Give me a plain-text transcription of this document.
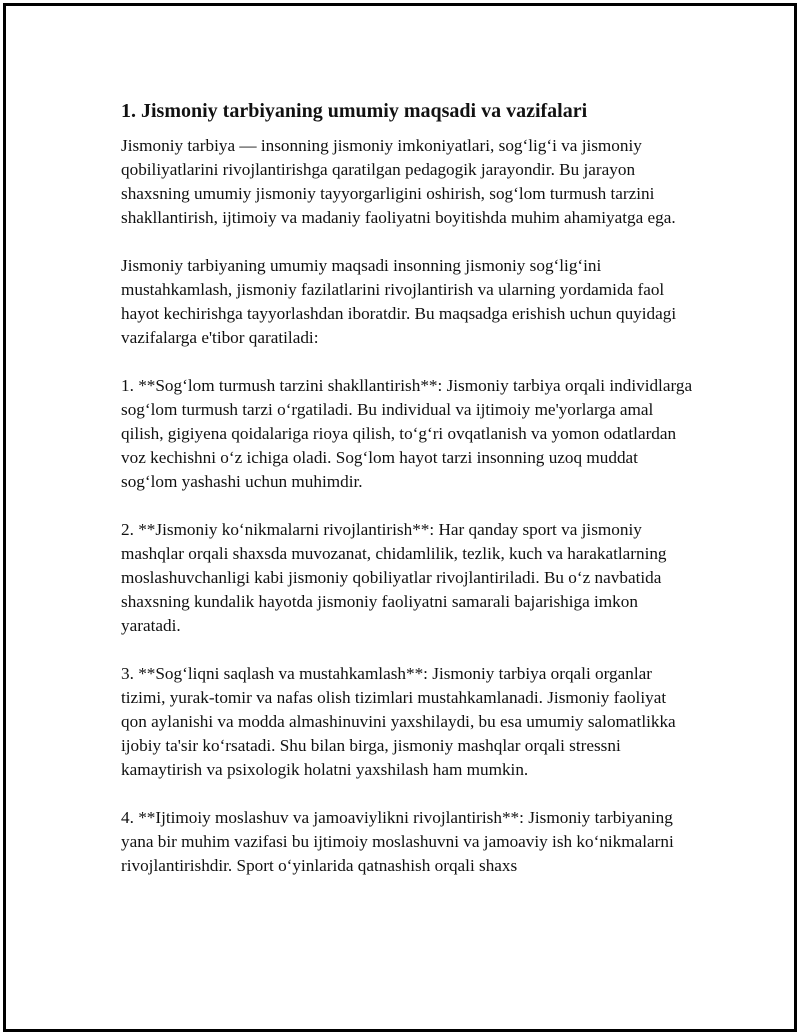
1. Jismoniy tarbiyaning umumiy maqsadi va vazifalari

Jismoniy tarbiya — insonning jismoniy imkoniyatlari, sog‘lig‘i va jismoniy qobiliyatlarini rivojlantirishga qaratilgan pedagogik jarayondir. Bu jarayon shaxsning umumiy jismoniy tayyorgarligini oshirish, sog‘lom turmush tarzini shakllantirish, ijtimoiy va madaniy faoliyatni boyitishda muhim ahamiyatga ega.

Jismoniy tarbiyaning umumiy maqsadi insonning jismoniy sog‘lig‘ini mustahkamlash, jismoniy fazilatlarini rivojlantirish va ularning yordamida faol hayot kechirishga tayyorlashdan iboratdir. Bu maqsadga erishish uchun quyidagi vazifalarga e'tibor qaratiladi:

1. **Sog‘lom turmush tarzini shakllantirish**: Jismoniy tarbiya orqali individlarga sog‘lom turmush tarzi o‘rgatiladi. Bu individual va ijtimoiy me'yorlarga amal qilish, gigiyena qoidalariga rioya qilish, to‘g‘ri ovqatlanish va yomon odatlardan voz kechishni o‘z ichiga oladi. Sog‘lom hayot tarzi insonning uzoq muddat sog‘lom yashashi uchun muhimdir.

2. **Jismoniy ko‘nikmalarni rivojlantirish**: Har qanday sport va jismoniy mashqlar orqali shaxsda muvozanat, chidamlilik, tezlik, kuch va harakatlarning moslashuvchanligi kabi jismoniy qobiliyatlar rivojlantiriladi. Bu o‘z navbatida shaxsning kundalik hayotda jismoniy faoliyatni samarali bajarishiga imkon yaratadi.

3. **Sog‘liqni saqlash va mustahkamlash**: Jismoniy tarbiya orqali organlar tizimi, yurak-tomir va nafas olish tizimlari mustahkamlanadi. Jismoniy faoliyat qon aylanishi va modda almashinuvini yaxshilaydi, bu esa umumiy salomatlikka ijobiy ta'sir ko‘rsatadi. Shu bilan birga, jismoniy mashqlar orqali stressni kamaytirish va psixologik holatni yaxshilash ham mumkin.

4. **Ijtimoiy moslashuv va jamoaviylikni rivojlantirish**: Jismoniy tarbiyaning yana bir muhim vazifasi bu ijtimoiy moslashuvni va jamoaviy ish ko‘nikmalarni rivojlantirishdir. Sport o‘yinlarida qatnashish orqali shaxs
